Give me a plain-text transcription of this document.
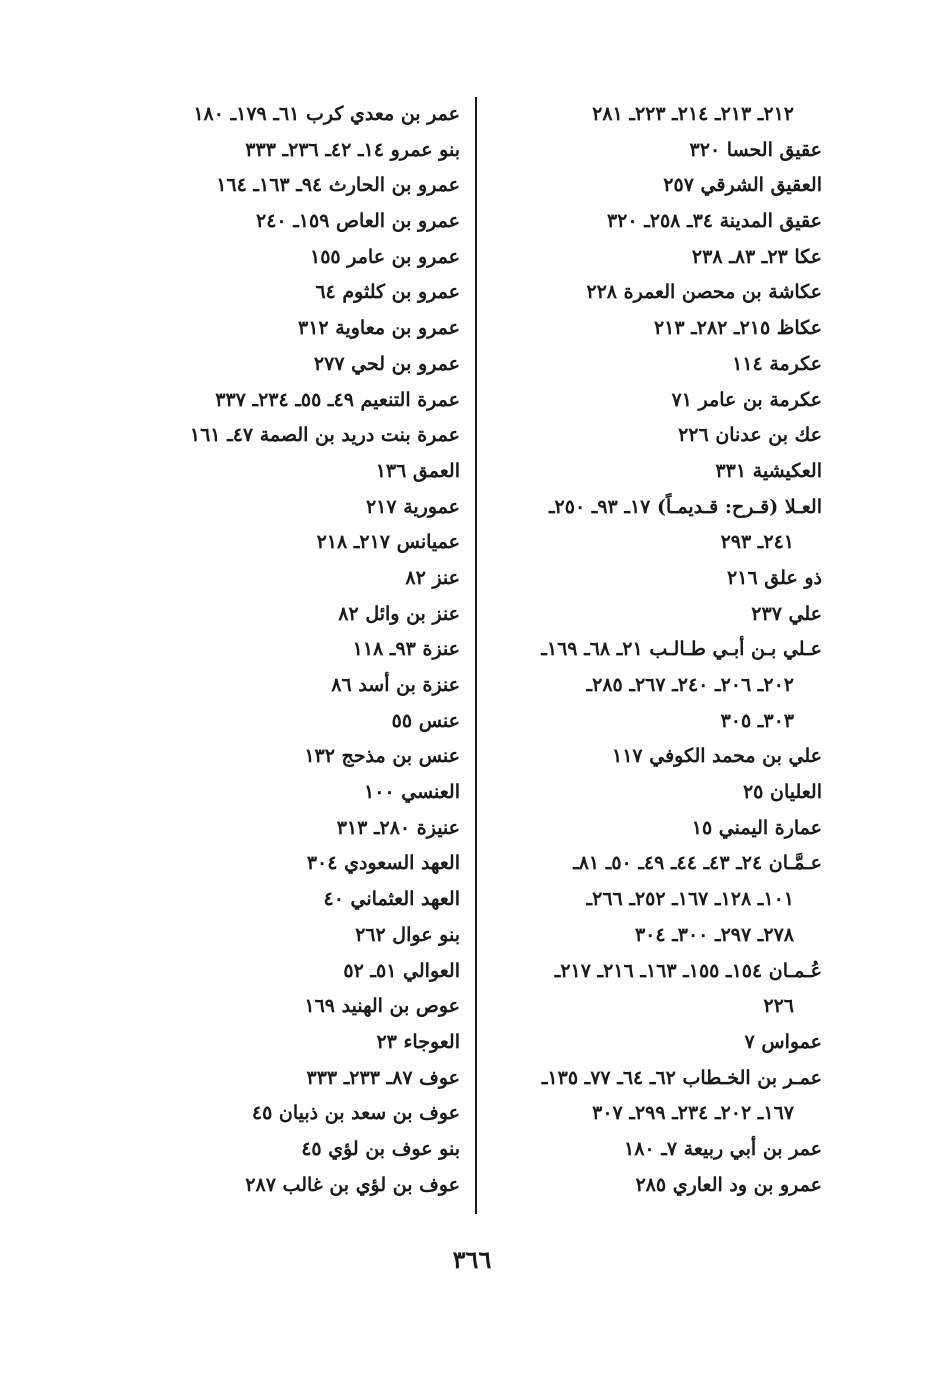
٢١٢ـ ٢١٣ـ ٢١٤ـ ٢٢٣ـ ٢٨١
عقيق الحسا ٣٢٠
العقيق الشرقي ٢٥٧
عقيق المدينة ٣٤ـ ٢٥٨ـ ٣٢٠
عكا ٢٣ـ ٨٣ـ ٢٣٨
عكاشة بن محصن العمرة ٢٢٨
عكاظ ٢١٥ـ ٢٨٢ـ ٢١٣
عكرمة ١١٤
عكرمة بن عامر ٧١
عك بن عدنان ٢٢٦
العكيشية ٣٣١
العـلا (قـرح: قـديمـاً) ١٧ـ ٩٣ـ ٢٥٠ـ
٢٤١ـ ٢٩٣
ذو علق ٢١٦
علي ٢٣٧
عـلي بـن أبـي طـالـب ٢١ـ ٦٨ـ ١٦٩ـ
٢٠٢ـ ٢٠٦ـ ٢٤٠ـ ٢٦٧ـ ٢٨٥ـ
٣٠٣ـ ٣٠٥
علي بن محمد الكوفي ١١٧
العليان ٢٥
عمارة اليمني ١٥
عـمَّـان ٢٤ـ ٤٣ـ ٤٤ـ ٤٩ـ ٥٠ـ ٨١ـ
١٠١ـ ١٢٨ـ ١٦٧ـ ٢٥٢ـ ٢٦٦ـ
٢٧٨ـ ٢٩٧ـ ٣٠٠ـ ٣٠٤
عُـمـان ١٥٤ـ ١٥٥ـ ١٦٣ـ ٢١٦ـ ٢١٧ـ
٢٢٦
عمواس ٧
عمـر بن الخـطاب ٦٢ـ ٦٤ـ ٧٧ـ ١٣٥ـ
١٦٧ـ ٢٠٢ـ ٢٣٤ـ ٢٩٩ـ ٣٠٧
عمر بن أبي ربيعة ٧ـ ١٨٠
عمرو بن ود العاري ٢٨٥
عمر بن معدي كرب ٦١ـ ١٧٩ـ ١٨٠
بنو عمرو ١٤ـ ٤٢ـ ٢٣٦ـ ٣٣٣
عمرو بن الحارث ٩٤ـ ١٦٣ـ ١٦٤
عمرو بن العاص ١٥٩ـ ٢٤٠
عمرو بن عامر ١٥٥
عمرو بن كلثوم ٦٤
عمرو بن معاوية ٣١٢
عمرو بن لحي ٢٧٧
عمرة التنعيم ٤٩ـ ٥٥ـ ٢٣٤ـ ٣٣٧
عمرة بنت دريد بن الصمة ٤٧ـ ١٦١
العمق ١٣٦
عمورية ٢١٧
عميانس ٢١٧ـ ٢١٨
عنز ٨٢
عنز بن وائل ٨٢
عنزة ٩٣ـ ١١٨
عنزة بن أسد ٨٦
عنس ٥٥
عنس بن مذحج ١٣٢
العنسي ١٠٠
عنيزة ٢٨٠ـ ٣١٣
العهد السعودي ٣٠٤
العهد العثماني ٤٠
بنو عوال ٢٦٢
العوالي ٥١ـ ٥٢
عوص بن الهنيد ١٦٩
العوجاء ٢٣
عوف ٨٧ـ ٢٣٣ـ ٣٣٣
عوف بن سعد بن ذبيان ٤٥
بنو عوف بن لؤي ٤٥
عوف بن لؤي بن غالب ٢٨٧
٣٦٦
